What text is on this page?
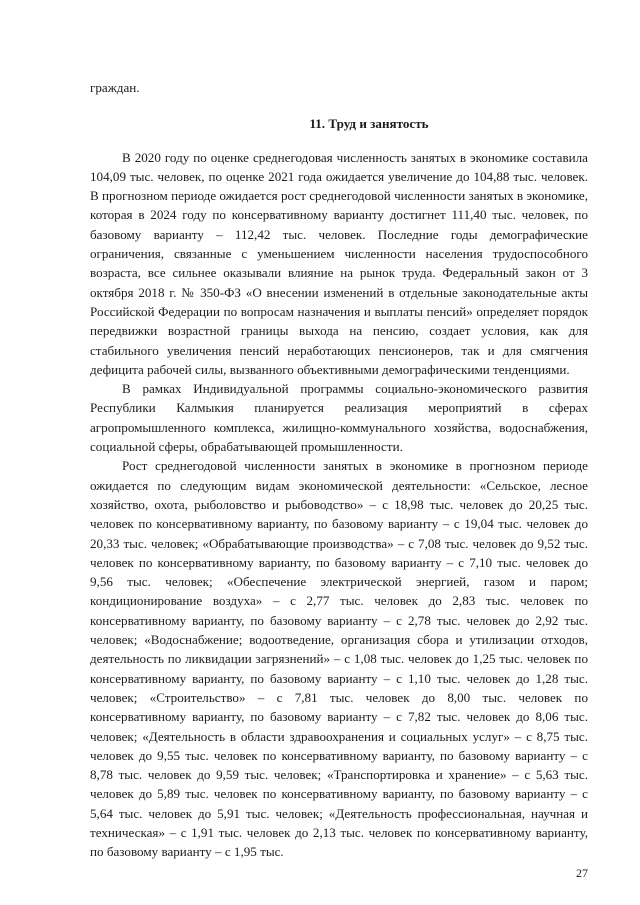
граждан.

11. Труд и занятость

В 2020 году по оценке среднегодовая численность занятых в экономике составила 104,09 тыс. человек, по оценке 2021 года ожидается увеличение до 104,88 тыс. человек. В прогнозном периоде ожидается рост среднегодовой численности занятых в экономике, которая в 2024 году по консервативному варианту достигнет 111,40 тыс. человек, по базовому варианту – 112,42 тыс. человек. Последние годы демографические ограничения, связанные с уменьшением численности населения трудоспособного возраста, все сильнее оказывали влияние на рынок труда. Федеральный закон от 3 октября 2018 г. № 350-ФЗ «О внесении изменений в отдельные законодательные акты Российской Федерации по вопросам назначения и выплаты пенсий» определяет порядок передвижки возрастной границы выхода на пенсию, создает условия, как для стабильного увеличения пенсий неработающих пенсионеров, так и для смягчения дефицита рабочей силы, вызванного объективными демографическими тенденциями.

В рамках Индивидуальной программы социально-экономического развития Республики Калмыкия планируется реализация мероприятий в сферах агропромышленного комплекса, жилищно-коммунального хозяйства, водоснабжения, социальной сферы, обрабатывающей промышленности.

Рост среднегодовой численности занятых в экономике в прогнозном периоде ожидается по следующим видам экономической деятельности: «Сельское, лесное хозяйство, охота, рыболовство и рыбоводство» – с 18,98 тыс. человек до 20,25 тыс. человек по консервативному варианту, по базовому варианту – с 19,04 тыс. человек до 20,33 тыс. человек; «Обрабатывающие производства» – с 7,08 тыс. человек до 9,52 тыс. человек по консервативному варианту, по базовому варианту – с 7,10 тыс. человек до 9,56 тыс. человек; «Обеспечение электрической энергией, газом и паром; кондиционирование воздуха» – с 2,77 тыс. человек до 2,83 тыс. человек по консервативному варианту, по базовому варианту – с 2,78 тыс. человек до 2,92 тыс. человек; «Водоснабжение; водоотведение, организация сбора и утилизации отходов, деятельность по ликвидации загрязнений» – с 1,08 тыс. человек до 1,25 тыс. человек по консервативному варианту, по базовому варианту – с 1,10 тыс. человек до 1,28 тыс. человек; «Строительство» – с 7,81 тыс. человек до 8,00 тыс. человек по консервативному варианту, по базовому варианту – с 7,82 тыс. человек до 8,06 тыс. человек; «Деятельность в области здравоохранения и социальных услуг» – с 8,75 тыс. человек до 9,55 тыс. человек по консервативному варианту, по базовому варианту – с 8,78 тыс. человек до 9,59 тыс. человек; «Транспортировка и хранение» – с 5,63 тыс. человек до 5,89 тыс. человек по консервативному варианту, по базовому варианту – с 5,64 тыс. человек до 5,91 тыс. человек; «Деятельность профессиональная, научная и техническая» – с 1,91 тыс. человек до 2,13 тыс. человек по консервативному варианту, по базовому варианту – с 1,95 тыс.

27
